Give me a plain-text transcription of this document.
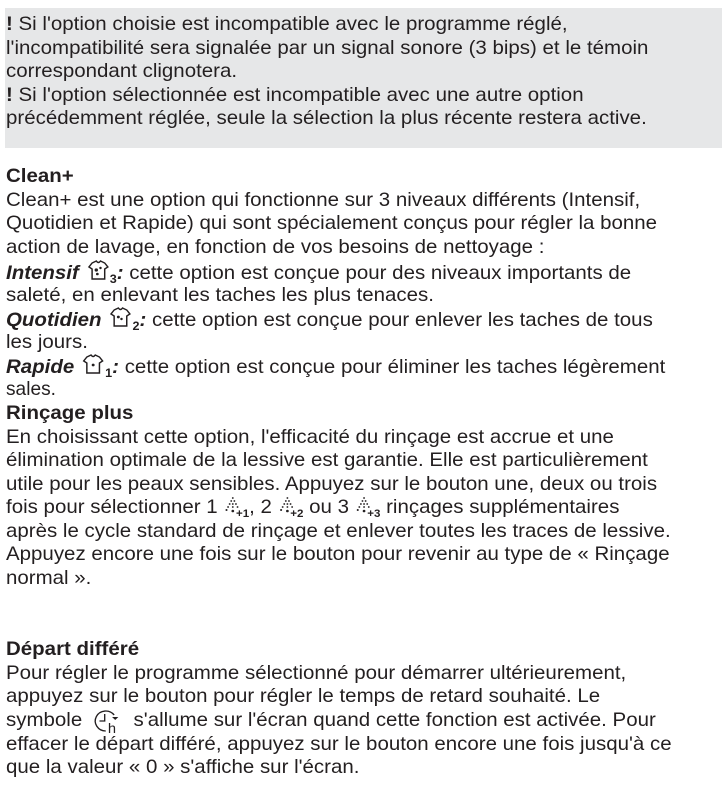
! Si l'option choisie est incompatible avec le programme réglé,
l'incompatibilité sera signalée par un signal sonore (3 bips) et le témoin
correspondant clignotera.
! Si l'option sélectionnée est incompatible avec une autre option
précédemment réglée, seule la sélection la plus récente restera active.
Clean+
Clean+ est une option qui fonctionne sur 3 niveaux différents (Intensif,
Quotidien et Rapide) qui sont spécialement conçus pour régler la bonne
action de lavage, en fonction de vos besoins de nettoyage :
Intensif	$_3$: cette option est conçue pour des niveaux importants de
saleté, en enlevant les taches les plus tenaces.
Quotidien	$_2$: cette option est conçue pour enlever les taches de tous
les jours.
Rapide	$_1$: cette option est conçue pour éliminer les taches légèrement
sales.
Rinçage plus
En choisissant cette option, l'efficacité du rinçage est accrue et une
élimination optimale de la lessive est garantie. Elle est particulièrement
utile pour les peaux sensibles. Appuyez sur le bouton une, deux ou trois
fois pour sélectionner 1 $_{+1}$, 2 $_{+2}$ ou 3 $_{+3}$ rinçages supplémentaires
après le cycle standard de rinçage et enlever toutes les traces de lessive.
Appuyez encore une fois sur le bouton pour revenir au type de « Rinçage
normal ».
Départ différé
Pour régler le programme sélectionné pour démarrer ultérieurement,
appuyez sur le bouton pour régler le temps de retard souhaité. Le
symbole h s'allume sur l'écran quand cette fonction est activée. Pour
effacer le départ différé, appuyez sur le bouton encore une fois jusqu'à ce
que la valeur « 0 » s'affiche sur l'écran.
